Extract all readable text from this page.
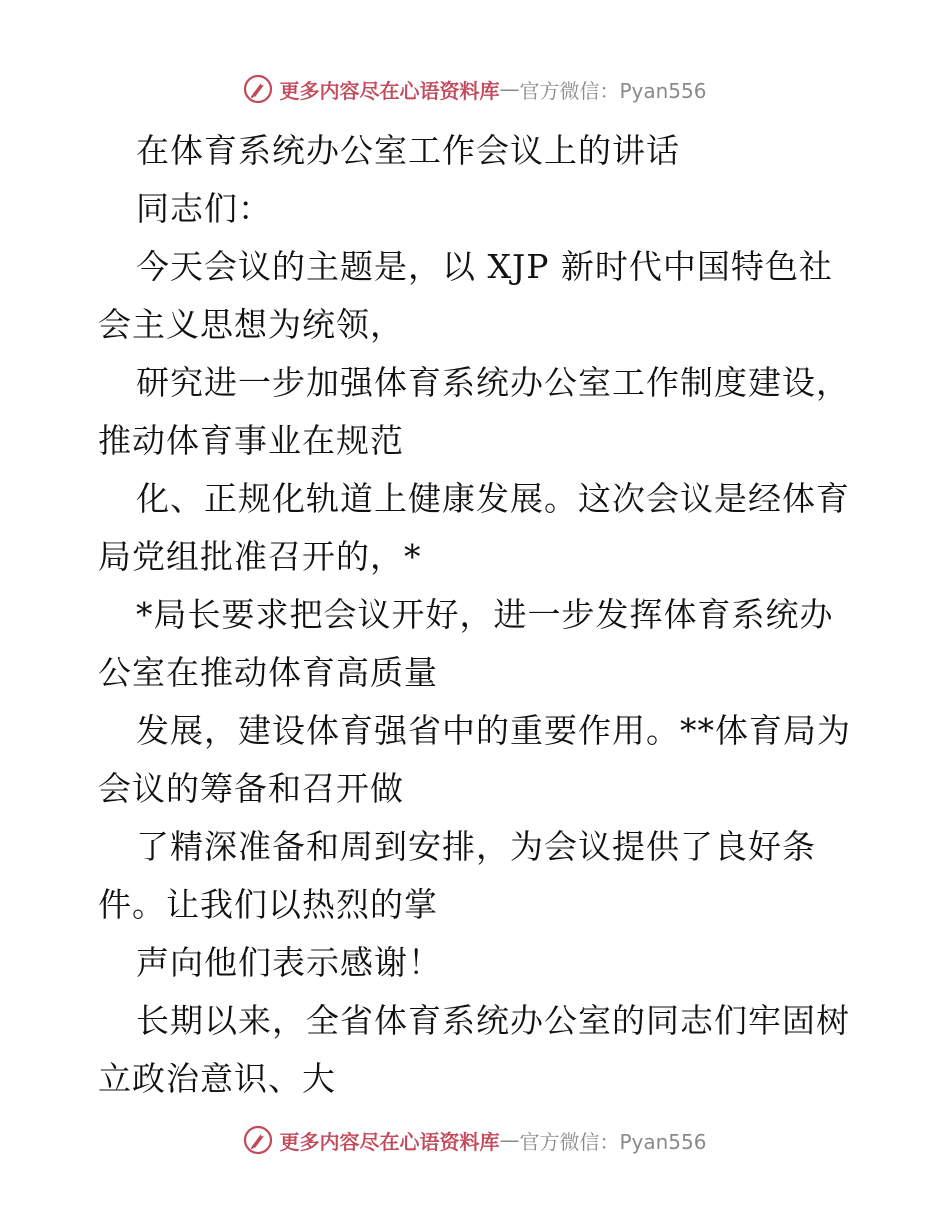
更多内容尽在心语资料库 — 官方微信：Pyan556

在体育系统办公室工作会议上的讲话

同志们：

今天会议的主题是，以 XJP 新时代中国特色社会主义思想为统领，

研究进一步加强体育系统办公室工作制度建设，推动体育事业在规范

化、正规化轨道上健康发展。这次会议是经体育局党组批准召开的，*

*局长要求把会议开好，进一步发挥体育系统办公室在推动体育高质量

发展，建设体育强省中的重要作用。**体育局为会议的筹备和召开做

了精深准备和周到安排，为会议提供了良好条件。让我们以热烈的掌

声向他们表示感谢！

长期以来，全省体育系统办公室的同志们牢固树立政治意识、大

更多内容尽在心语资料库 — 官方微信：Pyan556
